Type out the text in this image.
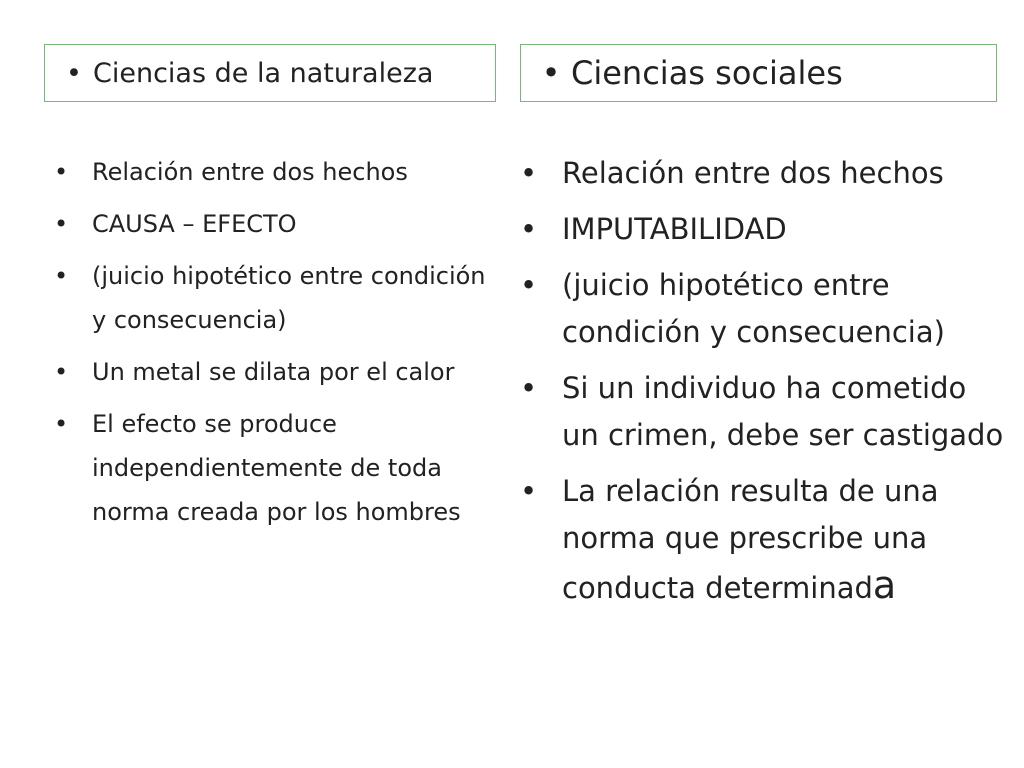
• Ciencias de la naturaleza	• Ciencias sociales
• Relación entre dos hechos
• CAUSA – EFECTO
• (juicio hipotético entre condición y consecuencia)
• Un metal se dilata por el calor
• El efecto se produce independientemente de toda norma creada por los hombres
• Relación entre dos hechos
• IMPUTABILIDAD
• (juicio hipotético entre condición y consecuencia)
• Si un individuo ha cometido un crimen, debe ser castigado
• La relación resulta de una norma que prescribe una conducta determinada
